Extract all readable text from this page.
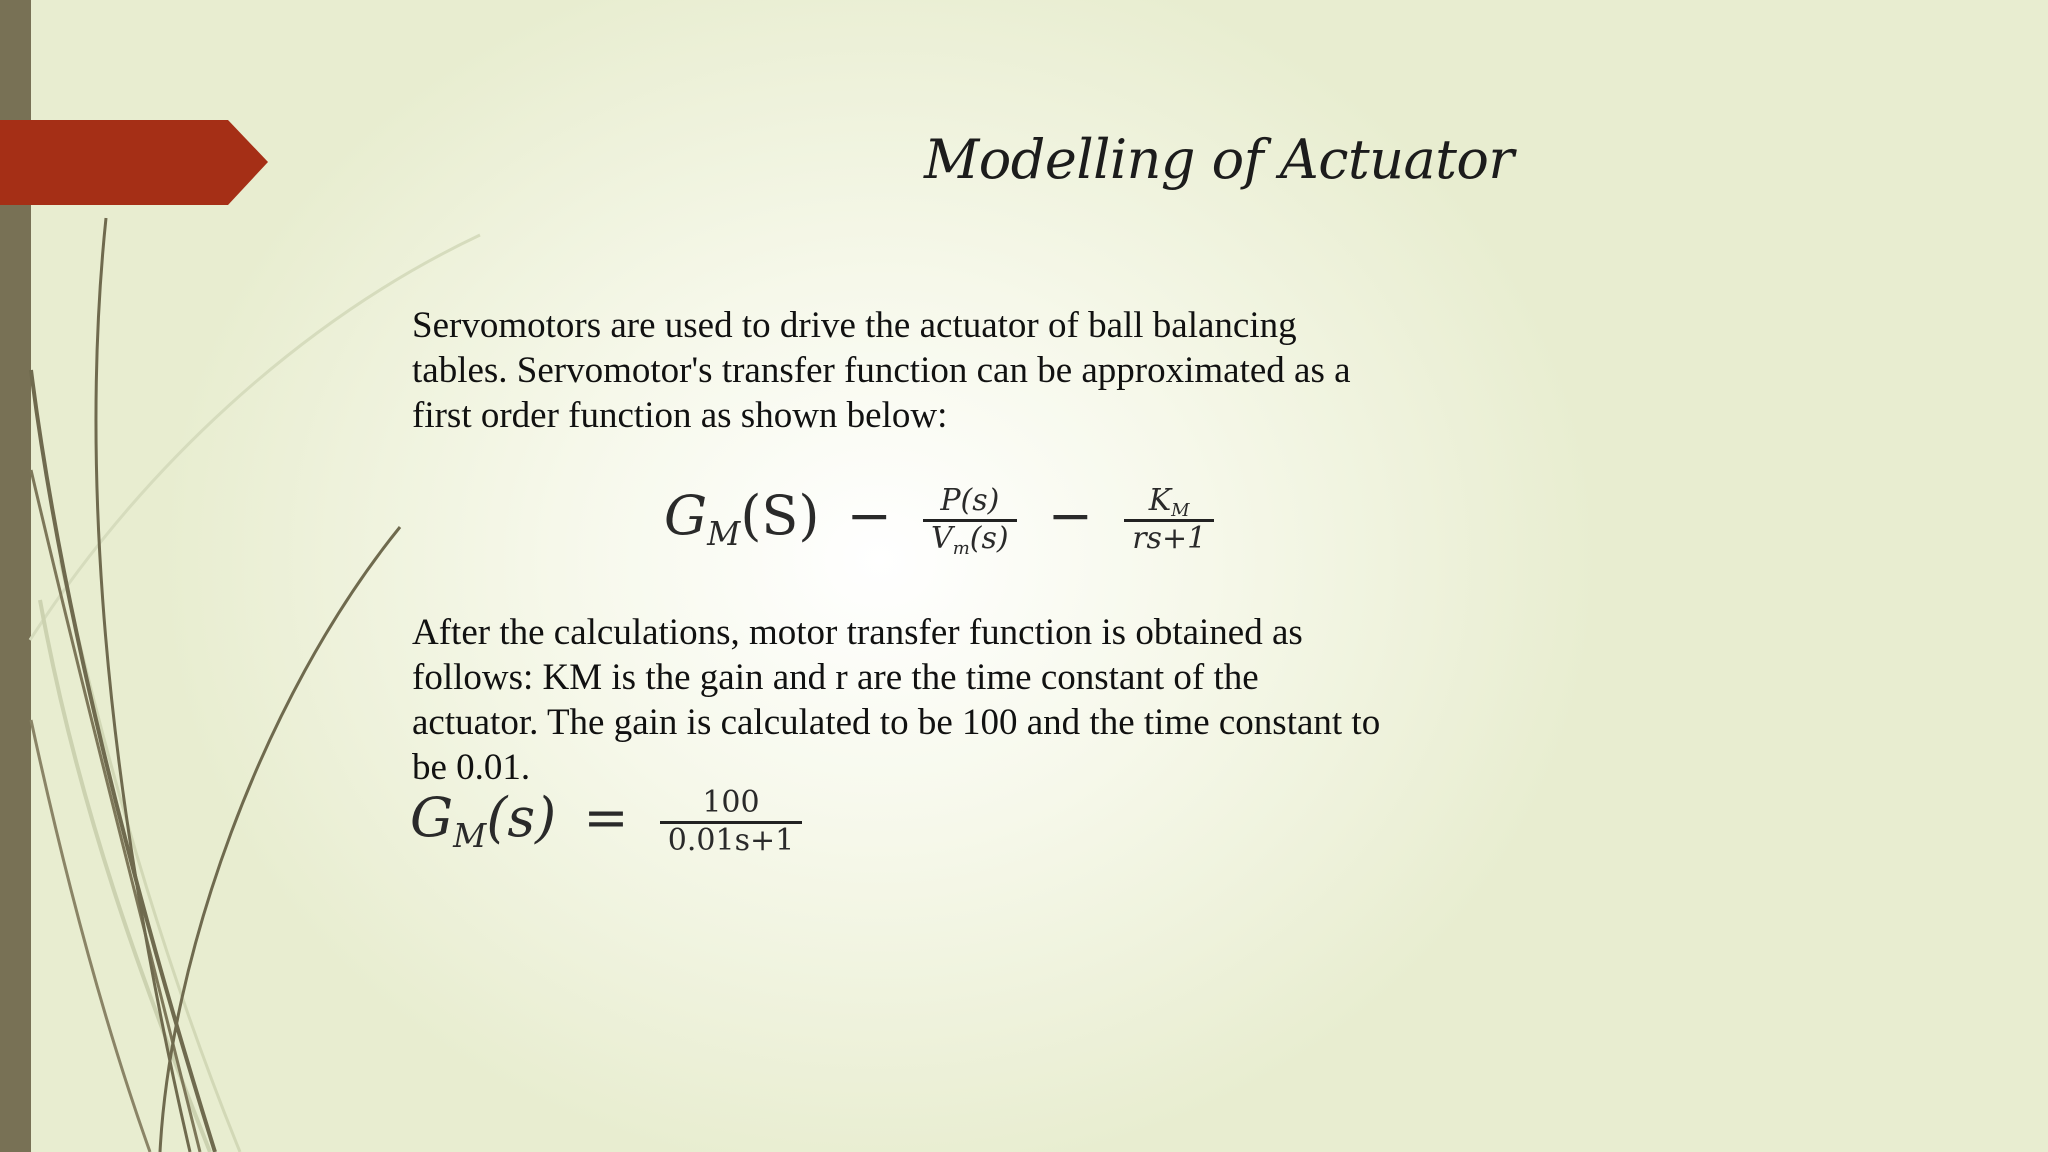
Modelling of Actuator

Servomotors are used to drive the actuator of ball balancing tables. Servomotor's transfer function can be approximated as a first order function as shown below:

$G_M(S) - \frac{P(s)}{V_m(s)} - \frac{K_M}{rs+1}$

After the calculations, motor transfer function is obtained as follows: KM is the gain and r are the time constant of the actuator. The gain is calculated to be 100 and the time constant to be 0.01.

$G_M(s) = \frac{100}{0.01s+1}$
